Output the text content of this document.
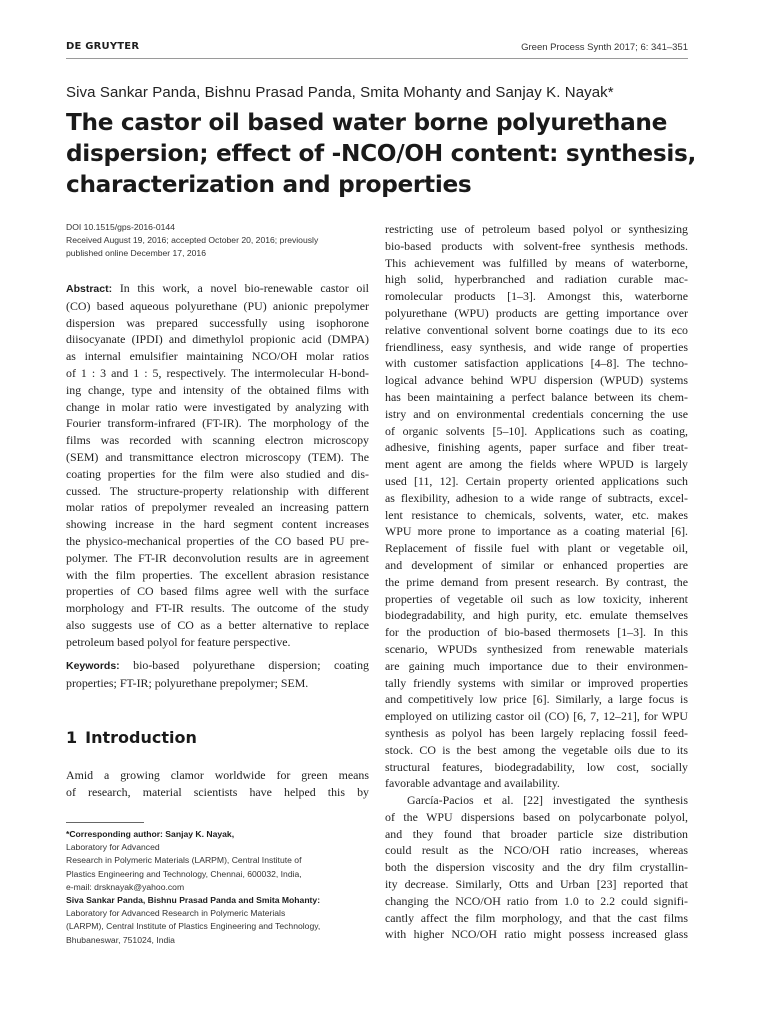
DE GRUYTER	Green Process Synth 2017; 6: 341–351
Siva Sankar Panda, Bishnu Prasad Panda, Smita Mohanty and Sanjay K. Nayak*
The castor oil based water borne polyurethane
dispersion; effect of -NCO/OH content: synthesis,
characterization and properties
DOI 10.1515/gps-2016-0144
Received August 19, 2016; accepted October 20, 2016; previously
published online December 17, 2016
Abstract: In this work, a novel bio-renewable castor oil
(CO) based aqueous polyurethane (PU) anionic prepolymer
dispersion was prepared successfully using isophorone
diisocyanate (IPDI) and dimethylol propionic acid (DMPA)
as internal emulsifier maintaining NCO/OH molar ratios
of 1 : 3 and 1 : 5, respectively. The intermolecular H-bond-
ing change, type and intensity of the obtained films with
change in molar ratio were investigated by analyzing with
Fourier transform-infrared (FT-IR). The morphology of the
films was recorded with scanning electron microscopy
(SEM) and transmittance electron microscopy (TEM). The
coating properties for the film were also studied and dis-
cussed. The structure-property relationship with different
molar ratios of prepolymer revealed an increasing pattern
showing increase in the hard segment content increases
the physico-mechanical properties of the CO based PU pre-
polymer. The FT-IR deconvolution results are in agreement
with the film properties. The excellent abrasion resistance
properties of CO based films agree well with the surface
morphology and FT-IR results. The outcome of the study
also suggests use of CO as a better alternative to replace
petroleum based polyol for feature perspective.
Keywords: bio-based polyurethane dispersion; coating
properties; FT-IR; polyurethane prepolymer; SEM.
1 Introduction
Amid a growing clamor worldwide for green means
of research, material scientists have helped this by
*Corresponding author: Sanjay K. Nayak,
Laboratory for Advanced
Research in Polymeric Materials (LARPM), Central Institute of
Plastics Engineering and Technology, Chennai, 600032, India,
e-mail: drsknayak@yahoo.com
Siva Sankar Panda, Bishnu Prasad Panda and Smita Mohanty:
Laboratory for Advanced Research in Polymeric Materials
(LARPM), Central Institute of Plastics Engineering and Technology,
Bhubaneswar, 751024, India
restricting use of petroleum based polyol or synthesizing
bio-based products with solvent-free synthesis methods.
This achievement was fulfilled by means of waterborne,
high solid, hyperbranched and radiation curable mac-
romolecular products [1–3]. Amongst this, waterborne
polyurethane (WPU) products are getting importance over
relative conventional solvent borne coatings due to its eco
friendliness, easy synthesis, and wide range of properties
with customer satisfaction applications [4–8]. The techno-
logical advance behind WPU dispersion (WPUD) systems
has been maintaining a perfect balance between its chem-
istry and on environmental credentials concerning the use
of organic solvents [5–10]. Applications such as coating,
adhesive, finishing agents, paper surface and fiber treat-
ment agent are among the fields where WPUD is largely
used [11, 12]. Certain property oriented applications such
as flexibility, adhesion to a wide range of subtracts, excel-
lent resistance to chemicals, solvents, water, etc. makes
WPU more prone to importance as a coating material [6].
Replacement of fissile fuel with plant or vegetable oil,
and development of similar or enhanced properties are
the prime demand from present research. By contrast, the
properties of vegetable oil such as low toxicity, inherent
biodegradability, and high purity, etc. emulate themselves
for the production of bio-based thermosets [1–3]. In this
scenario, WPUDs synthesized from renewable materials
are gaining much importance due to their environmen-
tally friendly systems with similar or improved properties
and competitively low price [6]. Similarly, a large focus is
employed on utilizing castor oil (CO) [6, 7, 12–21], for WPU
synthesis as polyol has been largely replacing fossil feed-
stock. CO is the best among the vegetable oils due to its
structural features, biodegradability, low cost, socially
favorable advantage and availability.
García-Pacios et al. [22] investigated the synthesis
of the WPU dispersions based on polycarbonate polyol,
and they found that broader particle size distribution
could result as the NCO/OH ratio increases, whereas
both the dispersion viscosity and the dry film crystallin-
ity decrease. Similarly, Otts and Urban [23] reported that
changing the NCO/OH ratio from 1.0 to 2.2 could signifi-
cantly affect the film morphology, and that the cast films
with higher NCO/OH ratio might possess increased glass
